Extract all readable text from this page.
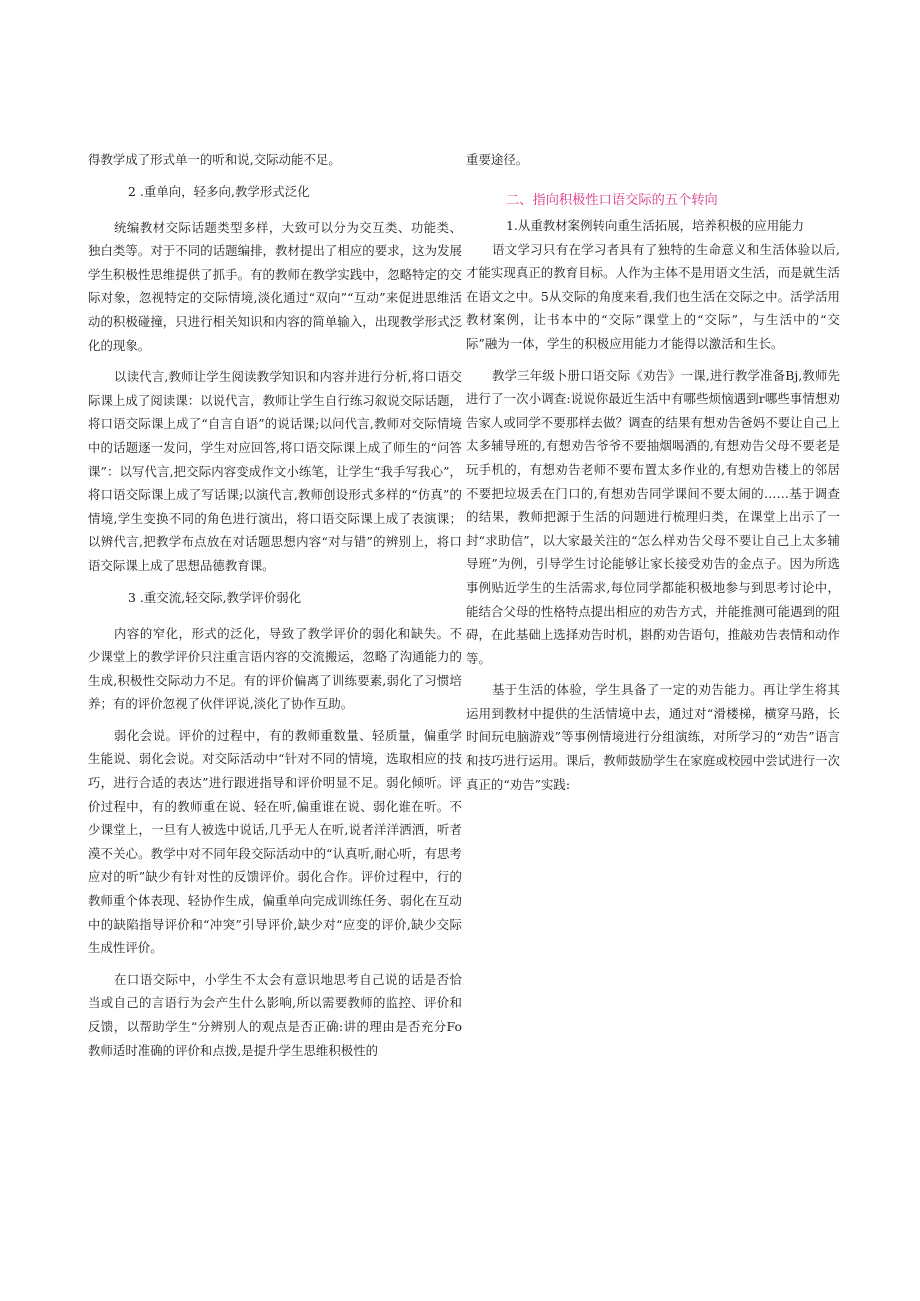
得教学成了形式单一的听和说,交际动能不足。

2 .重单向，轻多向,教学形式泛化

统编教材交际话题类型多样，大致可以分为交互类、功能类、独白类等。对于不同的话题编排，教材提出了相应的要求，这为发展学生积极性思维提供了抓手。有的教师在教学实践中，忽略特定的交际对象，忽视特定的交际情境,淡化通过“双向”“互动”来促进思维活动的积极碰撞，只进行相关知识和内容的简单输入，出现教学形式泛化的现象。

以读代言,教师让学生阅读教学知识和内容并进行分析,将口语交际课上成了阅读课：以说代言，教师让学生自行练习叙说交际话题，将口语交际课上成了“自言自语”的说话课;以问代言,教师对交际情境中的话题逐一发问，学生对应回答,将口语交际课上成了师生的“问答课”：以写代言,把交际内容变成作文小练笔，让学生“我手写我心”，将口语交际课上成了写话课;以演代言,教师创设形式多样的“仿真”的情境,学生变换不同的角色进行演出，将口语交际课上成了表演课；以辨代言,把教学布点放在对话题思想内容“对与错”的辨别上，将口语交际课上成了思想品德教育课。

3 .重交流,轻交际,教学评价弱化

内容的窄化，形式的泛化，导致了教学评价的弱化和缺失。不少课堂上的教学评价只注重言语内容的交流搬运，忽略了沟通能力的生成,积极性交际动力不足。有的评价偏离了训练要素,弱化了习惯培养；有的评价忽视了伙伴评说,淡化了协作互助。

弱化会说。评价的过程中，有的教师重数量、轻质量，偏重学生能说、弱化会说。对交际活动中“针对不同的情境，选取相应的技巧，进行合适的表达”进行跟进指导和评价明显不足。弱化倾听。评价过程中，有的教师重在说、轻在听,偏重谁在说、弱化谁在听。不少课堂上，一旦有人被选中说话,几乎无人在听,说者洋洋洒洒，听者漠不关心。教学中对不同年段交际活动中的“认真听,耐心听，有思考应对的听”缺少有针对性的反馈评价。弱化合作。评价过程中，行的教师重个体表现、轻协作生成，偏重单向完成训练任务、弱化在互动中的缺陷指导评价和“冲突”引导评价,缺少对“应变的评价,缺少交际生成性评价。

在口语交际中，小学生不太会有意识地思考自己说的话是否恰当或自己的言语行为会产生什么影响,所以需要教师的监控、评价和反馈，以帮助学生“分辨别人的观点是否正确:讲的理由是否充分Fo教师适时准确的评价和点拨,是提升学生思维积极性的

重要途径。

二、指向积极性口语交际的五个转向

1.从重教材案例转向重生活拓展，培养积极的应用能力

语文学习只有在学习者具有了独特的生命意义和生活体验以后,才能实现真正的教育目标。人作为主体不是用语文生活，而是就生活在语文之中。5从交际的角度来看,我们也生活在交际之中。活学活用教材案例，让书本中的“交际”课堂上的“交际”，与生活中的“交际”融为一体，学生的积极应用能力才能得以激活和生长。

教学三年级卜册口语交际《劝告》一课,进行教学准备Bj,教师先进行了一次小调查:说说你最近生活中有哪些烦恼遇到r哪些事情想劝告家人或同学不要那样去做？调查的结果有想劝告爸妈不要让自己上太多辅导班的,有想劝告爷爷不要抽烟喝酒的,有想劝告父母不要老是玩手机的，有想劝告老师不要布置太多作业的,有想劝告楼上的邻居不要把垃圾丢在门口的,有想劝告同学课间不要太闹的……基于调查的结果，教师把源于生活的问题进行梳理归类，在课堂上出示了一封“求助信”，以大家最关注的“怎么样劝告父母不要让自己上太多辅导班”为例，引导学生讨论能够让家长接受劝告的金点子。因为所选事例贴近学生的生活需求,每位同学都能积极地参与到思考讨论中，能结合父母的性格特点提出相应的劝告方式，并能推测可能遇到的阻碍，在此基础上选择劝告时机，斟酌劝告语句，推敲劝告表情和动作等。

基于生活的体验，学生具备了一定的劝告能力。再让学生将其运用到教材中提供的生活情境中去，通过对“滑楼梯，横穿马路，长时间玩电脑游戏”等事例情境进行分组演练，对所学习的“劝告”语言和技巧进行运用。课后，教师鼓励学生在家庭或校园中尝试进行一次真正的“劝告”实践:
